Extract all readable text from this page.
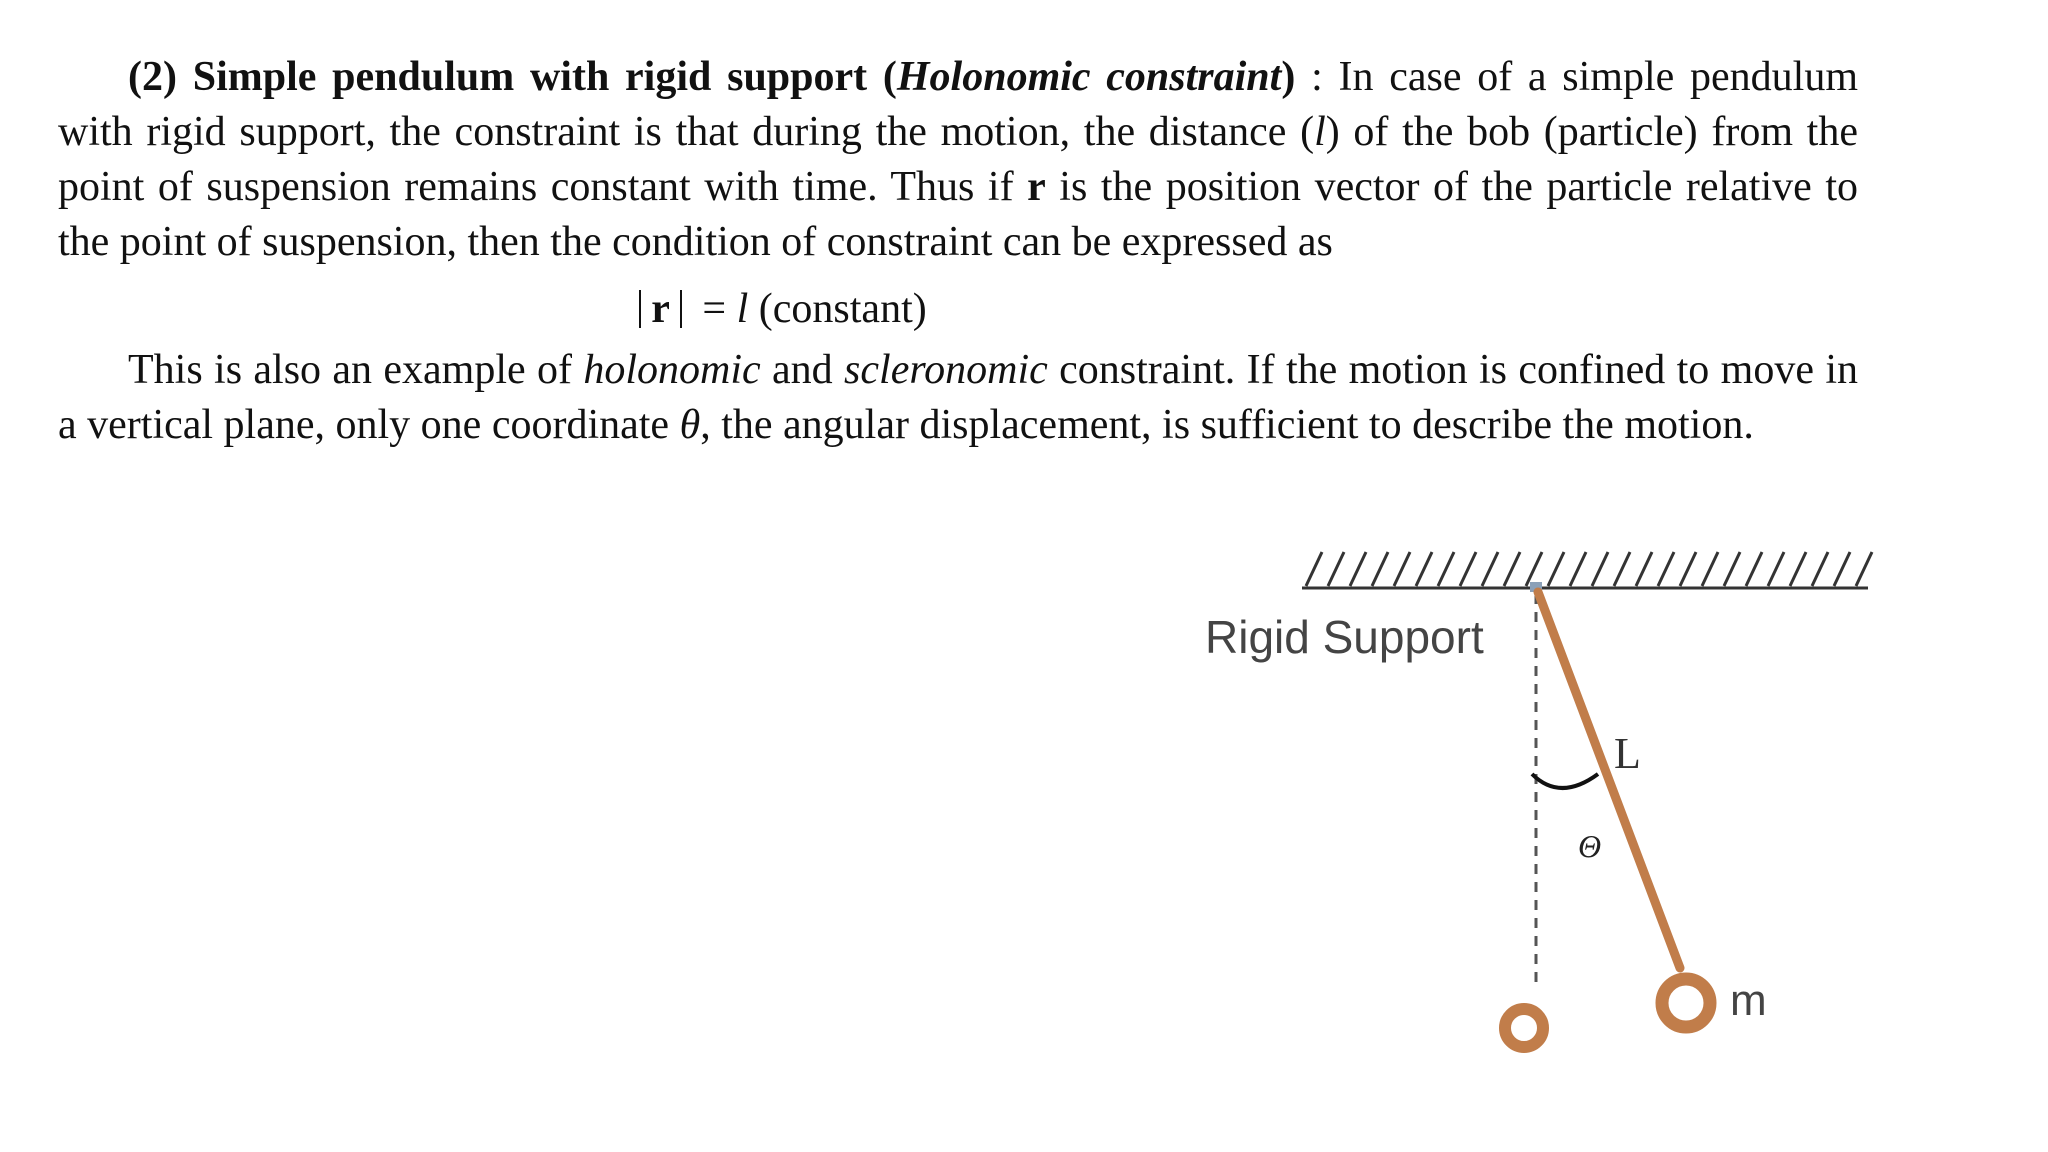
(2) Simple pendulum with rigid support (Holonomic constraint) : In case of a simple pendulum with rigid support, the constraint is that during the motion, the distance (l) of the bob (particle) from the point of suspension remains constant with time. Thus if r is the position vector of the particle relative to the point of suspension, then the condition of constraint can be expressed as

r = l (constant)

This is also an example of holonomic and scleronomic constraint. If the motion is confined to move in a vertical plane, only one coordinate θ, the angular displacement, is sufficient to describe the motion.

Rigid Support
L
Θ
m
